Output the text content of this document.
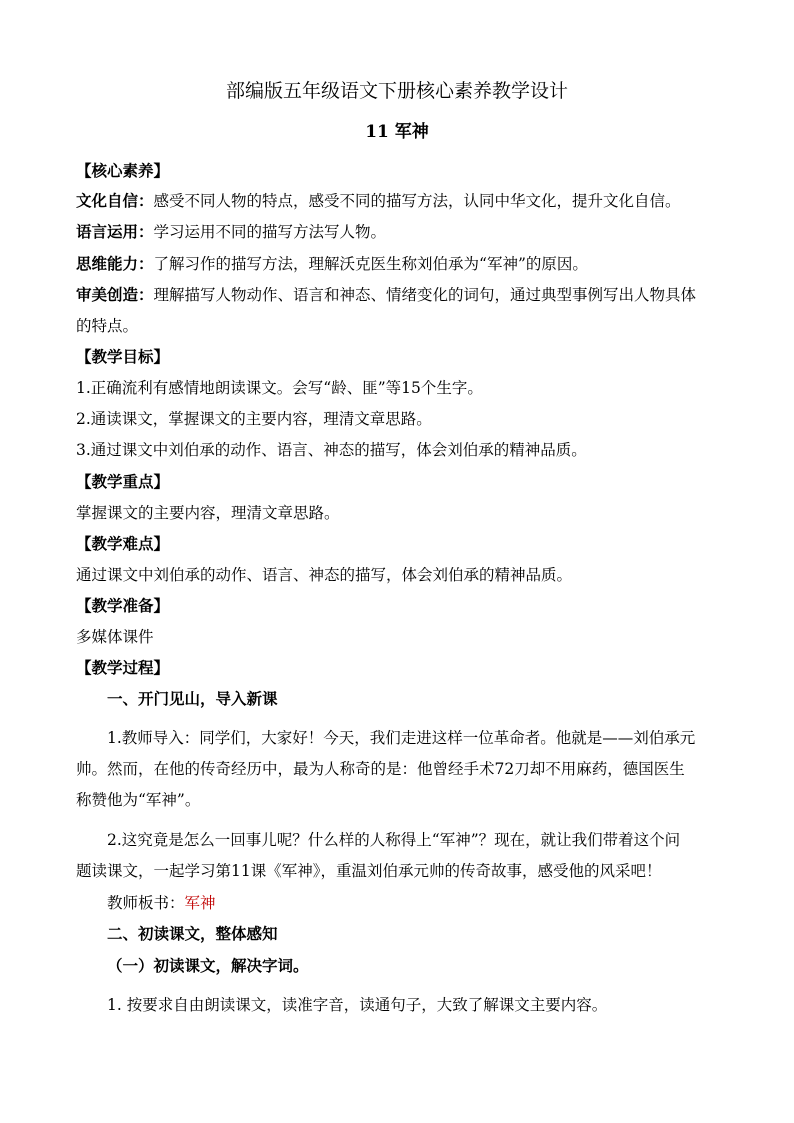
部编版五年级语文下册核心素养教学设计
11 军神
【核心素养】
文化自信：感受不同人物的特点，感受不同的描写方法，认同中华文化，提升文化自信。
语言运用：学习运用不同的描写方法写人物。
思维能力：了解习作的描写方法，理解沃克医生称刘伯承为“军神”的原因。
审美创造：理解描写人物动作、语言和神态、情绪变化的词句，通过典型事例写出人物具体
的特点。
【教学目标】
1.正确流利有感情地朗读课文。会写“龄、匪”等15个生字。
2.通读课文，掌握课文的主要内容，理清文章思路。
3.通过课文中刘伯承的动作、语言、神态的描写，体会刘伯承的精神品质。
【教学重点】
掌握课文的主要内容，理清文章思路。
【教学难点】
通过课文中刘伯承的动作、语言、神态的描写，体会刘伯承的精神品质。
【教学准备】
多媒体课件
【教学过程】
一、开门见山，导入新课
1.教师导入：同学们，大家好！今天，我们走进这样一位革命者。他就是——刘伯承元
帅。然而，在他的传奇经历中，最为人称奇的是：他曾经手术72刀却不用麻药，德国医生
称赞他为“军神”。
2.这究竟是怎么一回事儿呢？什么样的人称得上“军神”？现在，就让我们带着这个问
题读课文，一起学习第11课《军神》，重温刘伯承元帅的传奇故事，感受他的风采吧！
教师板书：军神
二、初读课文，整体感知
（一）初读课文，解决字词。
1. 按要求自由朗读课文，读准字音，读通句子，大致了解课文主要内容。
